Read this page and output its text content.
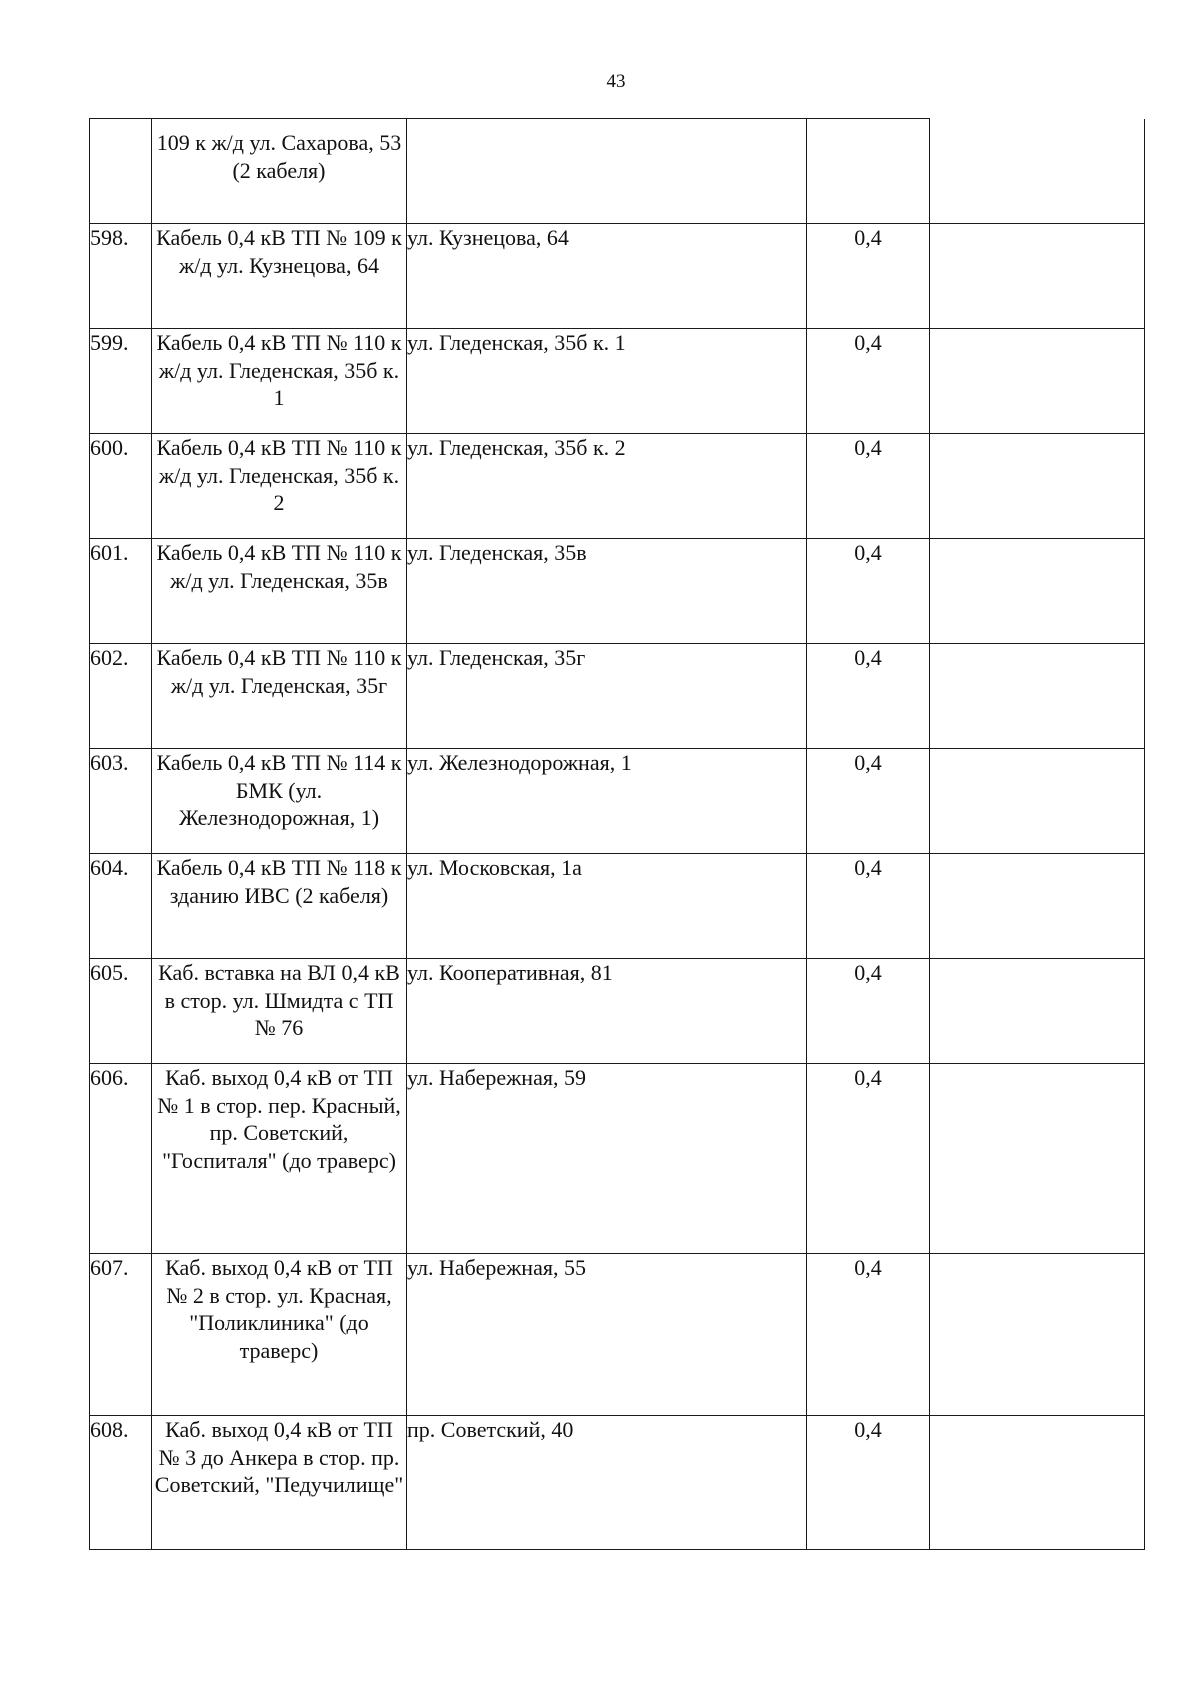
43
	109 к ж/д ул. Сахарова, 53 (2 кабеля)			
598.	Кабель 0,4 кВ ТП № 109 к ж/д ул. Кузнецова, 64	ул. Кузнецова, 64	0,4	
599.	Кабель 0,4 кВ ТП № 110 к ж/д ул. Гледенская, 35б к. 1	ул. Гледенская, 35б к. 1	0,4	
600.	Кабель 0,4 кВ ТП № 110 к ж/д ул. Гледенская, 35б к. 2	ул. Гледенская, 35б к. 2	0,4	
601.	Кабель 0,4 кВ ТП № 110 к ж/д ул. Гледенская, 35в	ул. Гледенская, 35в	0,4	
602.	Кабель 0,4 кВ ТП № 110 к ж/д ул. Гледенская, 35г	ул. Гледенская, 35г	0,4	
603.	Кабель 0,4 кВ ТП № 114 к БМК (ул. Железнодорожная, 1)	ул. Железнодорожная, 1	0,4	
604.	Кабель 0,4 кВ ТП № 118 к зданию ИВС (2 кабеля)	ул. Московская, 1а	0,4	
605.	Каб. вставка на ВЛ 0,4 кВ в стор. ул. Шмидта с ТП № 76	ул. Кооперативная, 81	0,4	
606.	Каб. выход 0,4 кВ от ТП № 1 в стор. пер. Красный, пр. Советский, "Госпиталя" (до траверс)	ул. Набережная, 59	0,4	
607.	Каб. выход 0,4 кВ от ТП № 2 в стор. ул. Красная, "Поликлиника" (до траверс)	ул. Набережная, 55	0,4	
608.	Каб. выход 0,4 кВ от ТП № 3 до Анкера в стор. пр. Советский, "Педучилище"	пр. Советский, 40	0,4	
